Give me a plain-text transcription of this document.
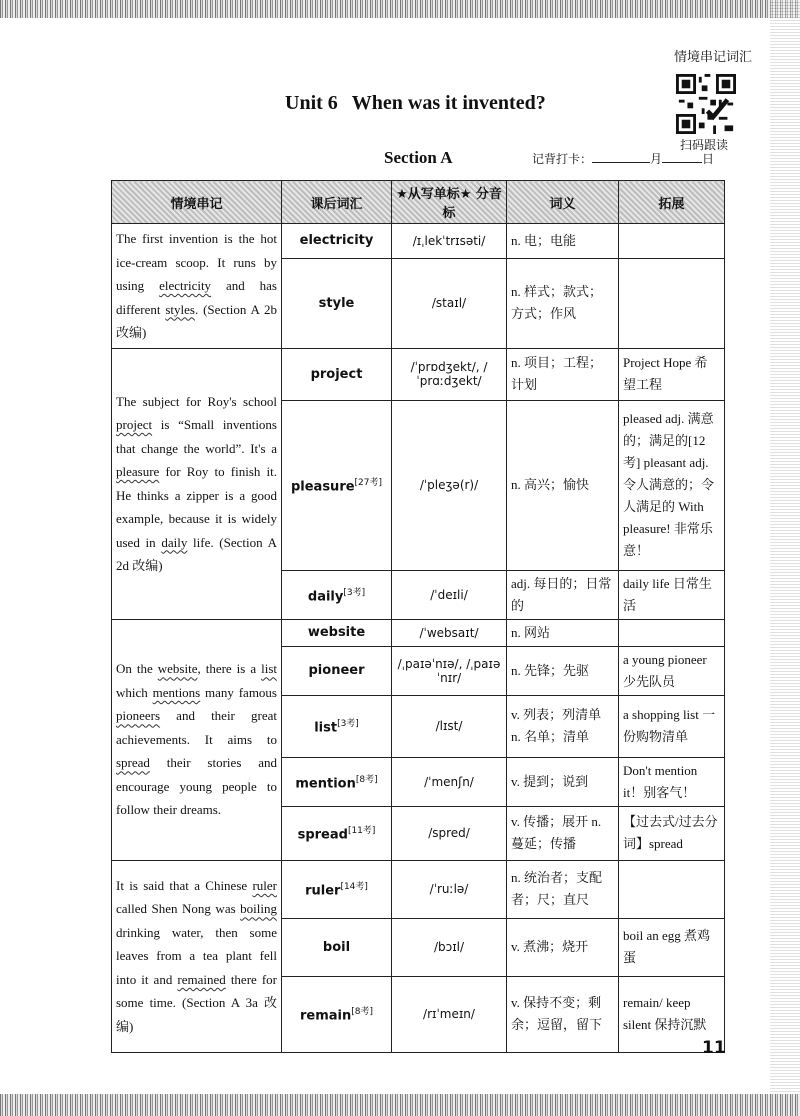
情境串记词汇
扫码跟读
Unit 6 When was it invented?
Section A	记背打卡：	月	日
情境串记	课后词汇	★从写单标★ 分音标	词义	拓展
The first invention is the hot ice-cream scoop. It runs by using electricity and has different styles. (Section A 2b 改编)	electricity	/ɪˌlekˈtrɪsəti/	n. 电；电能	
	style	/staɪl/	n. 样式；款式；方式；作风	
The subject for Roy's school project is “Small inventions that change the world”. It's a pleasure for Roy to finish it. He thinks a zipper is a good example, because it is widely used in daily life. (Section A 2d 改编)	project	/ˈprɒdʒekt/, /ˈprɑːdʒekt/	n. 项目；工程；计划	Project Hope 希望工程
	pleasure[27考]	/ˈpleʒə(r)/	n. 高兴；愉快	pleased adj. 满意的；满足的[12考] pleasant adj. 令人满意的；令人满足的 With pleasure! 非常乐意！
	daily[3考]	/ˈdeɪli/	adj. 每日的；日常的	daily life 日常生活
On the website, there is a list which mentions many famous pioneers and their great achievements. It aims to spread their stories and encourage young people to follow their dreams.	website	/ˈwebsaɪt/	n. 网站	
	pioneer	/ˌpaɪəˈnɪə/, /ˌpaɪəˈnɪr/	n. 先锋；先驱	a young pioneer 少先队员
	list[3考]	/lɪst/	v. 列表；列清单 n. 名单；清单	a shopping list 一份购物清单
	mention[8考]	/ˈmenʃn/	v. 提到；说到	Don't mention it！别客气！
	spread[11考]	/spred/	v. 传播；展开 n. 蔓延；传播	【过去式/过去分词】spread
It is said that a Chinese ruler called Shen Nong was boiling drinking water, then some leaves from a tea plant fell into it and remained there for some time. (Section A 3a 改编)	ruler[14考]	/ˈruːlə/	n. 统治者；支配者；尺；直尺	
	boil	/bɔɪl/	v. 煮沸；烧开	boil an egg 煮鸡蛋
	remain[8考]	/rɪˈmeɪn/	v. 保持不变；剩余；逗留，留下	remain/ keep silent 保持沉默
11
